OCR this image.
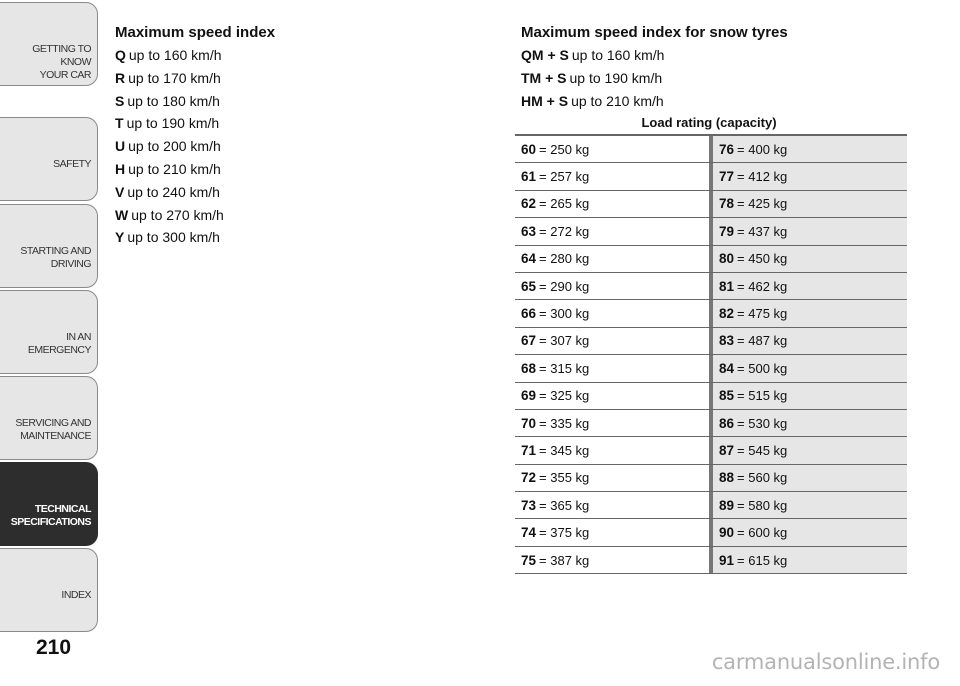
GETTING TO KNOW
YOUR CAR
SAFETY
STARTING AND
DRIVING
IN AN EMERGENCY
SERVICING AND
MAINTENANCE
TECHNICAL
SPECIFICATIONS
INDEX
210
Maximum speed index
Q up to 160 km/h
R up to 170 km/h
S up to 180 km/h
T up to 190 km/h
U up to 200 km/h
H up to 210 km/h
V up to 240 km/h
W up to 270 km/h
Y up to 300 km/h
Maximum speed index for snow tyres
QM + S up to 160 km/h
TM + S up to 190 km/h
HM + S up to 210 km/h
Load rating (capacity)
60 = 250 kg	76 = 400 kg
61 = 257 kg	77 = 412 kg
62 = 265 kg	78 = 425 kg
63 = 272 kg	79 = 437 kg
64 = 280 kg	80 = 450 kg
65 = 290 kg	81 = 462 kg
66 = 300 kg	82 = 475 kg
67 = 307 kg	83 = 487 kg
68 = 315 kg	84 = 500 kg
69 = 325 kg	85 = 515 kg
70 = 335 kg	86 = 530 kg
71 = 345 kg	87 = 545 kg
72 = 355 kg	88 = 560 kg
73 = 365 kg	89 = 580 kg
74 = 375 kg	90 = 600 kg
75 = 387 kg	91 = 615 kg
carmanualsonline.info
